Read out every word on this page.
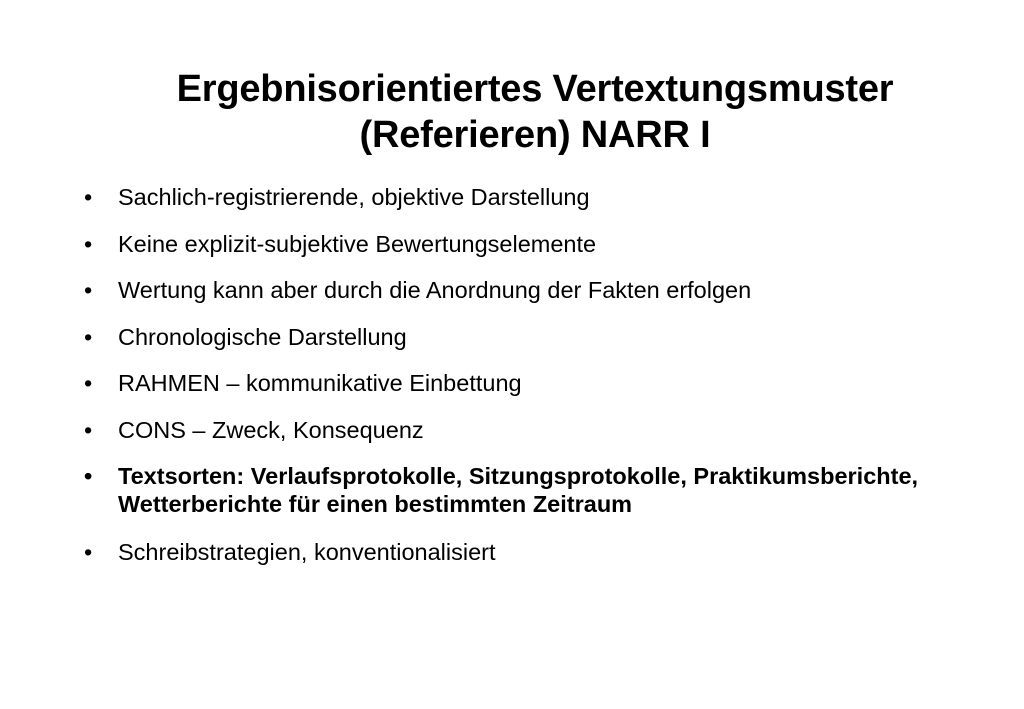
Ergebnisorientiertes Vertextungsmuster
(Referieren) NARR I
•	Sachlich-registrierende, objektive Darstellung
•	Keine explizit-subjektive Bewertungselemente
•	Wertung kann aber durch die Anordnung der Fakten erfolgen
•	Chronologische Darstellung
•	RAHMEN – kommunikative Einbettung
•	CONS – Zweck, Konsequenz
•	Textsorten: Verlaufsprotokolle, Sitzungsprotokolle, Praktikumsberichte, Wetterberichte für einen bestimmten Zeitraum
•	Schreibstrategien, konventionalisiert
